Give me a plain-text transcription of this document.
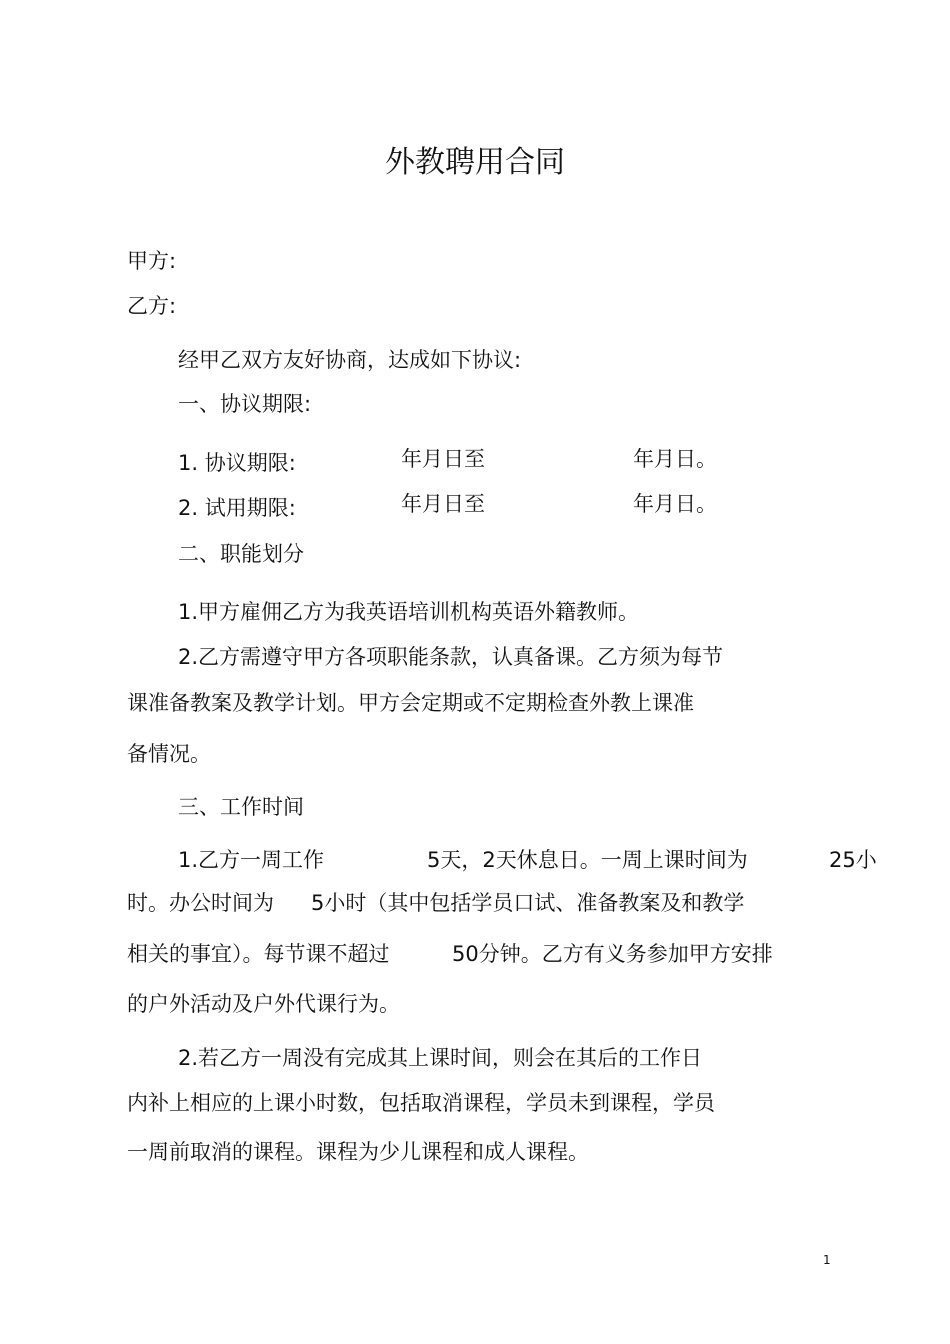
外教聘用合同
甲方:
乙方:
经甲乙双方友好协商，达成如下协议:
一、协议期限:
1. 协议期限:	年月日至	年月日。
2. 试用期限:	年月日至	年月日。
二、职能划分
1.甲方雇佣乙方为我英语培训机构英语外籍教师。
2.乙方需遵守甲方各项职能条款，认真备课。乙方须为每节
课准备教案及教学计划。甲方会定期或不定期检查外教上课准
备情况。
三、工作时间
1.乙方一周工作	5天，2天休息日。一周上课时间为	25小
时。办公时间为 5小时（其中包括学员口试、准备教案及和教学
相关的事宜）。每节课不超过	50分钟。乙方有义务参加甲方安排
的户外活动及户外代课行为。
2.若乙方一周没有完成其上课时间，则会在其后的工作日
内补上相应的上课小时数，包括取消课程，学员未到课程，学员
一周前取消的课程。课程为少儿课程和成人课程。
1
